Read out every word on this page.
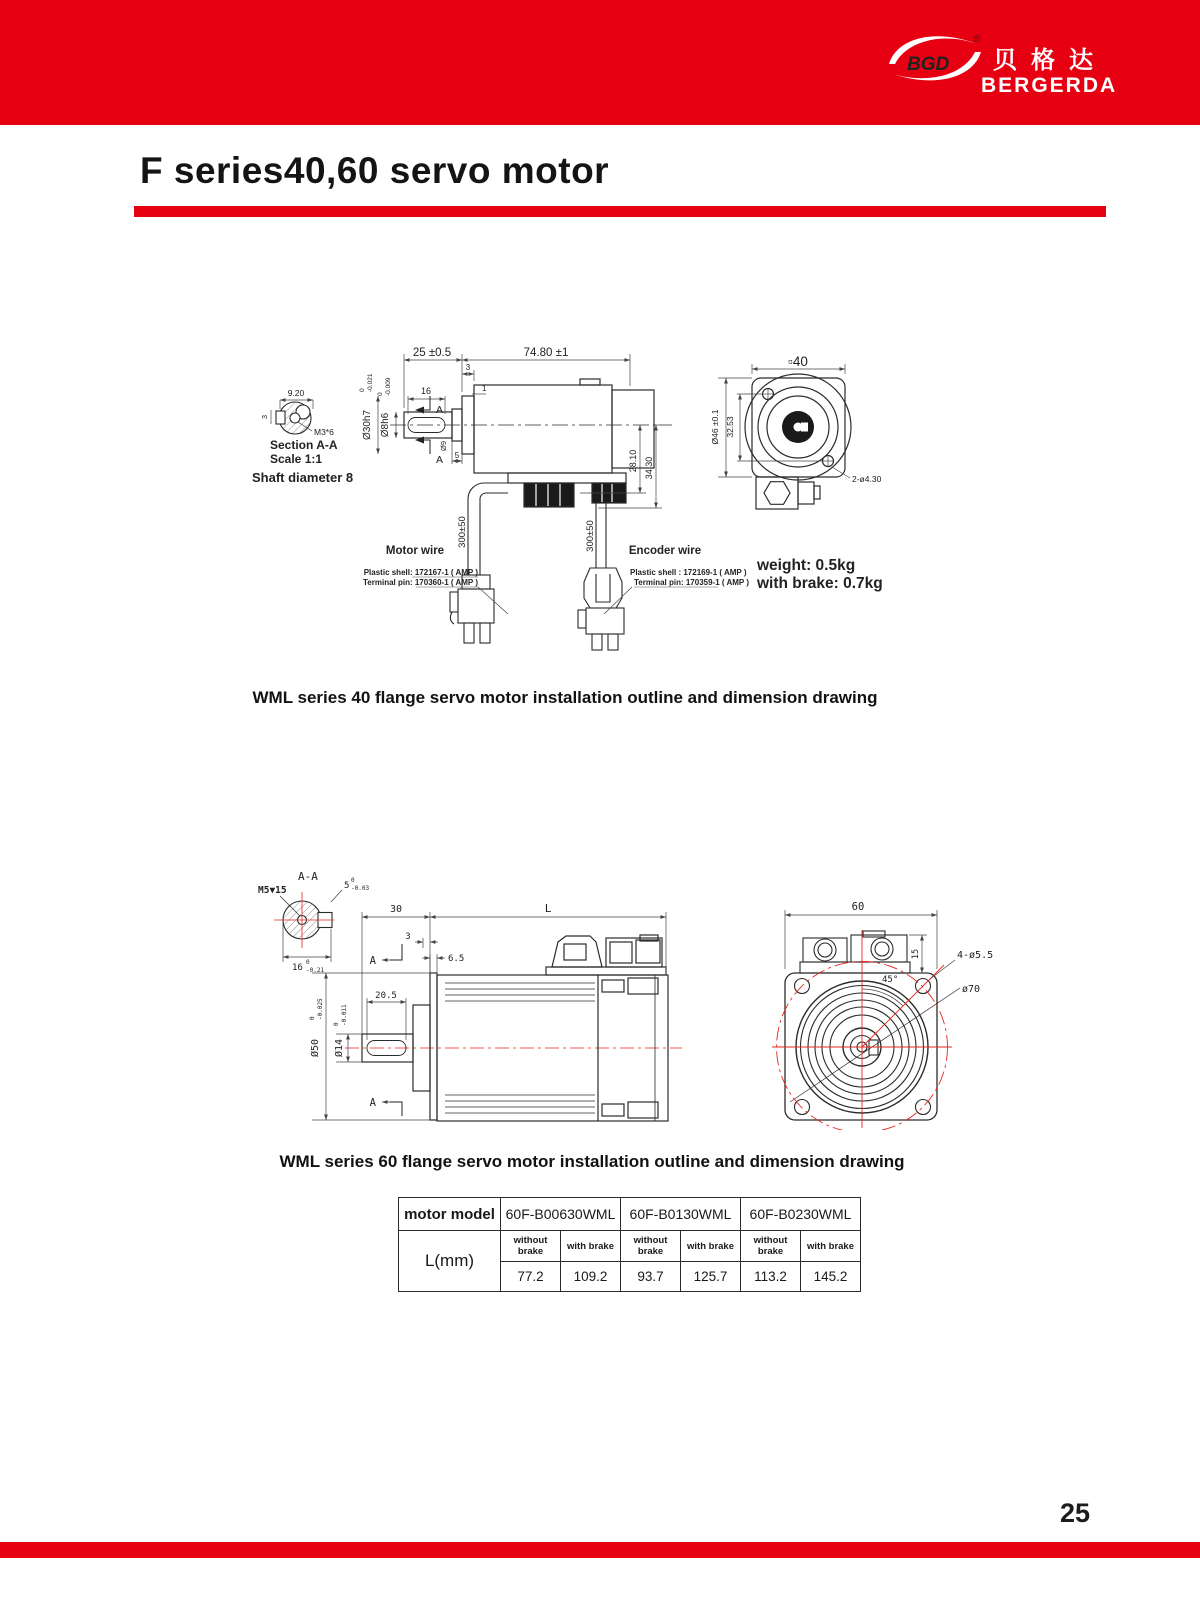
BGD
®
贝格达
BERGERDA
F series40,60 servo motor
9.20
3
M3*6
Section A-A
Scale 1:1
Shaft diameter 8
25 ±0.5	74.80 ±1
3
16	1
A
A
Ø30h7
0 -0.021
Ø8h6
0 -0.009
Ø9
5	28.10 34.30
300±50	300±50
Motor wire
Plastic shell: 172167-1 ( AMP )
Terminal pin: 170360-1 ( AMP )
Encoder wire
Plastic shell : 172169-1 ( AMP )
Terminal pin: 170359-1 ( AMP )
▫40
Ø46 ±0.1 32.53
2-ø4.30
weight: 0.5kg
with brake: 0.7kg
WML series 40 flange servo motor installation outline and dimension drawing
A-A
M5▼15	5
0
-0.03
16
0
-0.21
30	L
3
6.5
20.5
A
A
Ø50
0 -0.025
Ø14
0 -0.011
60
15	4-ø5.5
ø70
45°
WML series 60 flange servo motor installation outline and dimension drawing
motor model	60F-B00630WML		60F-B0130WML		60F-B0230WML	
L(mm)	without brake	with brake	without brake	with brake	without brake	with brake
	77.2	109.2	93.7	125.7	113.2	145.2
25
